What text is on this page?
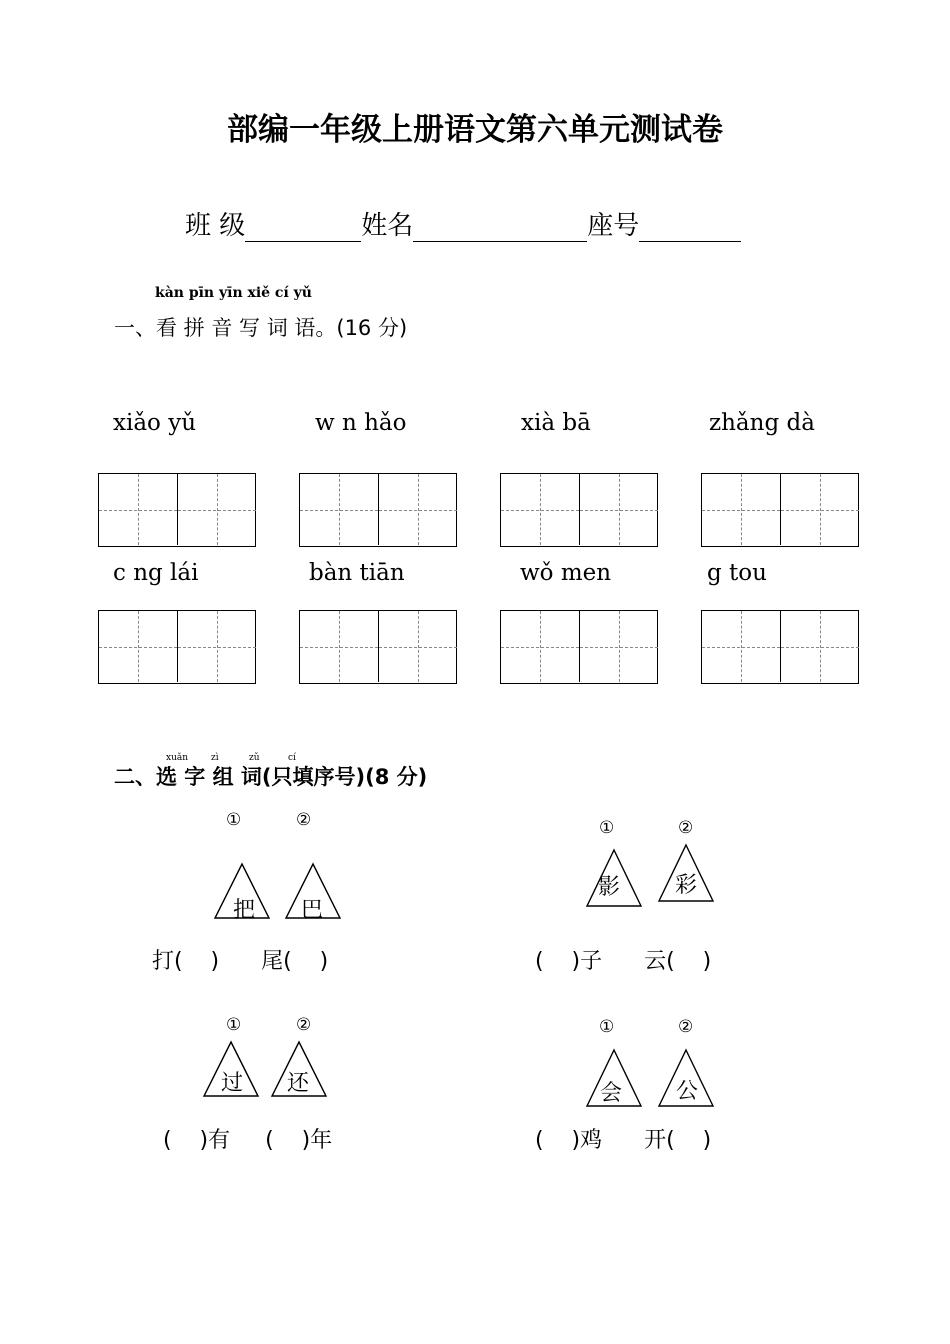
部编一年级上册语文第六单元测试卷
班 级	姓名	座号
kàn pīn yīn xiě cí yǔ
一、看 拼 音 写 词 语。(16 分)
xiǎo yǔ	w n hǎo	xià bā	zhǎng dà
c ng lái	bàn tiān	wǒ men	g tou
xuǎn	zì	zǔ	cí
二、选 字 组 词(只填序号)(8 分)
①	②
把 巴
打(    )      尾(    )
①	②
影 彩
(    )子      云(    )
①	②
过 还
(    )有     (    )年
①	②
会 公
(    )鸡      开(    )
